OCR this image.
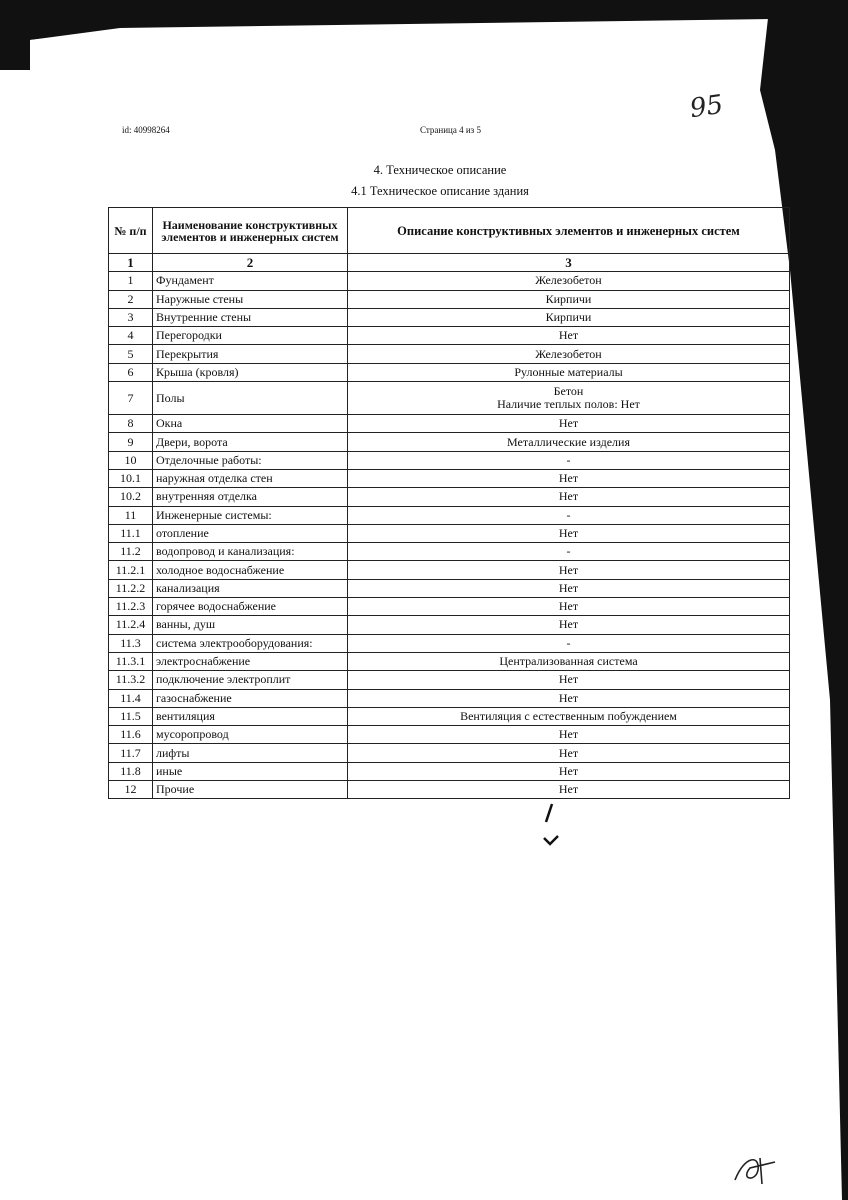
id: 40998264	Страница 4 из 5
95
4. Техническое описание
4.1 Техническое описание здания
№ п/п	Наименование конструктивных элементов и инженерных систем	Описание конструктивных элементов и инженерных систем
1	2	3
1	Фундамент	Железобетон
2	Наружные стены	Кирпичи
3	Внутренние стены	Кирпичи
4	Перегородки	Нет
5	Перекрытия	Железобетон
6	Крыша (кровля)	Рулонные материалы
7	Полы	Бетон
Наличие теплых полов: Нет

8	Окна	Нет
9	Двери, ворота	Металлические изделия
10	Отделочные работы:	-
10.1	наружная отделка стен	Нет
10.2	внутренняя отделка	Нет
11	Инженерные системы:	-
11.1	отопление	Нет
11.2	водопровод и канализация:	-
11.2.1	холодное водоснабжение	Нет
11.2.2	канализация	Нет
11.2.3	горячее водоснабжение	Нет
11.2.4	ванны, душ	Нет
11.3	система электрооборудования:	-
11.3.1	электроснабжение	Централизованная система
11.3.2	подключение электроплит	Нет
11.4	газоснабжение	Нет
11.5	вентиляция	Вентиляция с естественным побуждением
11.6	мусоропровод	Нет
11.7	лифты	Нет
11.8	иные	Нет
12	Прочие	Нет
